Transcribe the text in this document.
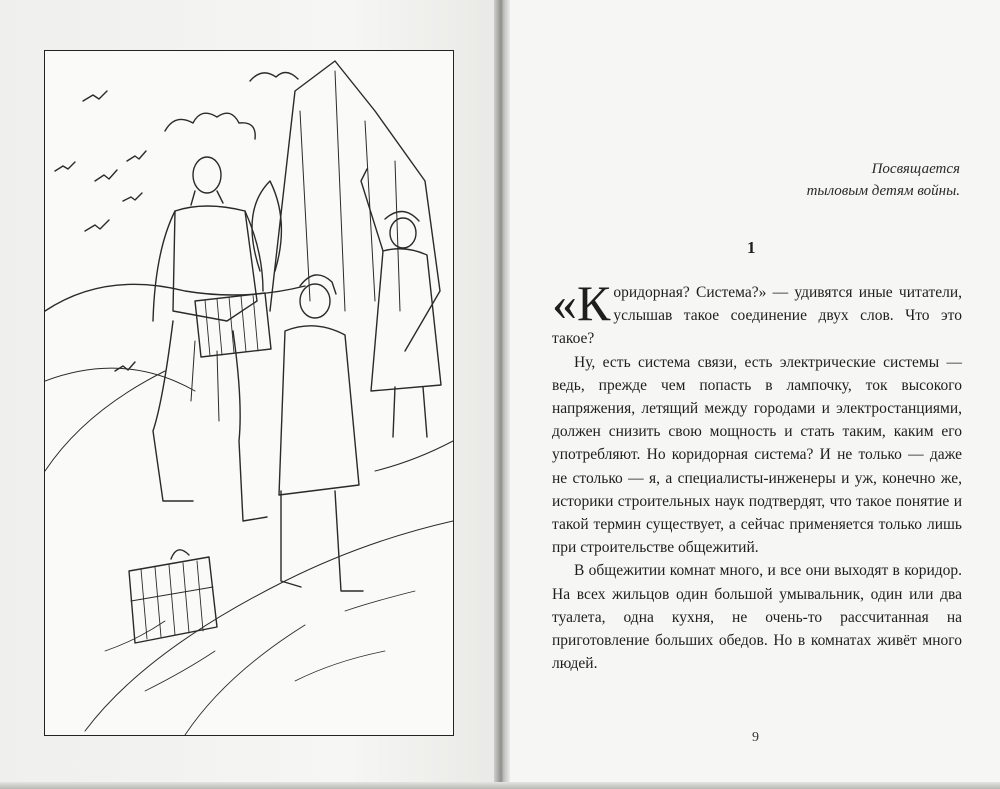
Посвящается
тыловым детям войны.
1

«К оридорная? Система?» — удивятся иные читатели, услышав такое соединение двух слов. Что это такое?

Ну, есть система связи, есть электрические системы — ведь, прежде чем попасть в лампочку, ток высокого напряжения, летящий между городами и электростанциями, должен снизить свою мощность и стать таким, каким его употребляют. Но коридорная система? И не только — даже не столько — я, а специалисты-инженеры и уж, конечно же, историки строительных наук подтвердят, что такое понятие и такой термин существует, а сейчас применяется только лишь при строительстве общежитий.

В общежитии комнат много, и все они выходят в коридор. На всех жильцов один большой умывальник, один или два туалета, одна кухня, не очень-то рассчитанная на приготовление больших обедов. Но в комнатах живёт много людей.

9
